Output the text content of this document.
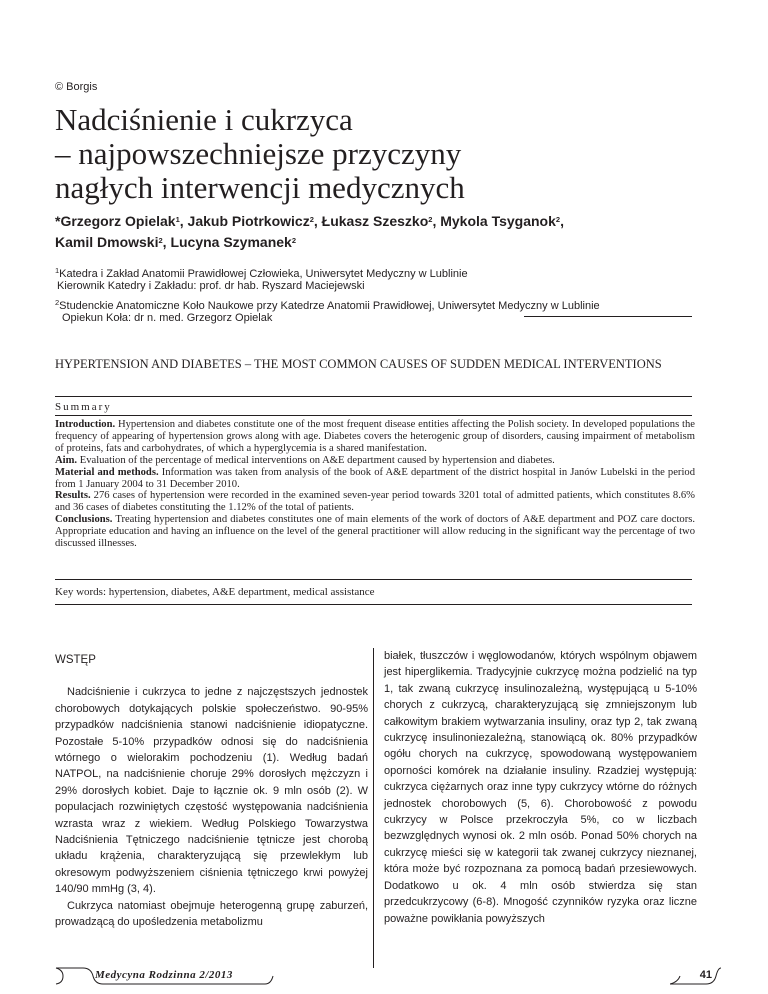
© Borgis
Nadciśnienie i cukrzyca
– najpowszechniejsze przyczyny
nagłych interwencji medycznych
*Grzegorz Opielak$^1$, Jakub Piotrkowicz$^2$, Łukasz Szeszko$^2$, Mykola Tsyganok$^2$,
Kamil Dmowski$^2$, Lucyna Szymanek$^2$
$^1$Katedra i Zakład Anatomii Prawidłowej Człowieka, Uniwersytet Medyczny w Lublinie
Kierownik Katedry i Zakładu: prof. dr hab. Ryszard Maciejewski
$^2$Studenckie Anatomiczne Koło Naukowe przy Katedrze Anatomii Prawidłowej, Uniwersytet Medyczny w Lublinie
Opiekun Koła: dr n. med. Grzegorz Opielak
HYPERTENSION AND DIABETES – THE MOST COMMON CAUSES OF SUDDEN MEDICAL INTERVENTIONS
Summary

Introduction. Hypertension and diabetes constitute one of the most frequent disease entities affecting the Polish society. In developed populations the frequency of appearing of hypertension grows along with age. Diabetes covers the heterogenic group of disorders, causing impairment of metabolism of proteins, fats and carbohydrates, of which a hyperglycemia is a shared manifestation.

Aim. Evaluation of the percentage of medical interventions on A&E department caused by hypertension and diabetes.

Material and methods. Information was taken from analysis of the book of A&E department of the district hospital in Janów Lubelski in the period from 1 January 2004 to 31 December 2010.

Results. 276 cases of hypertension were recorded in the examined seven-year period towards 3201 total of admitted patients, which constitutes 8.6% and 36 cases of diabetes constituting the 1.12% of the total of patients.

Conclusions. Treating hypertension and diabetes constitutes one of main elements of the work of doctors of A&E department and POZ care doctors. Appropriate education and having an influence on the level of the general practitioner will allow reducing in the significant way the percentage of two discussed illnesses.

Key words: hypertension, diabetes, A&E department, medical assistance

WSTĘP

Nadciśnienie i cukrzyca to jedne z najczęstszych jednostek chorobowych dotykających polskie społeczeństwo. 90-95% przypadków nadciśnienia stanowi nadciśnienie idiopatyczne. Pozostałe 5-10% przypadków odnosi się do nadciśnienia wtórnego o wielorakim pochodzeniu (1). Według badań NATPOL, na nadciśnienie choruje 29% dorosłych mężczyzn i 29% dorosłych kobiet. Daje to łącznie ok. 9 mln osób (2). W populacjach rozwiniętych częstość występowania nadciśnienia wzrasta wraz z wiekiem. Według Polskiego Towarzystwa Nadciśnienia Tętniczego nadciśnienie tętnicze jest chorobą układu krążenia, charakteryzującą się przewlekłym lub okresowym podwyższeniem ciśnienia tętniczego krwi powyżej 140/90 mmHg (3, 4).

Cukrzyca natomiast obejmuje heterogenną grupę zaburzeń, prowadzącą do upośledzenia metabolizmu

białek, tłuszczów i węglowodanów, których wspólnym objawem jest hiperglikemia. Tradycyjnie cukrzycę można podzielić na typ 1, tak zwaną cukrzycę insulinozależną, występującą u 5-10% chorych z cukrzycą, charakteryzującą się zmniejszonym lub całkowitym brakiem wytwarzania insuliny, oraz typ 2, tak zwaną cukrzycę insulinoniezależną, stanowiącą ok. 80% przypadków ogółu chorych na cukrzycę, spowodowaną występowaniem oporności komórek na działanie insuliny. Rzadziej występują: cukrzyca ciężarnych oraz inne typy cukrzycy wtórne do różnych jednostek chorobowych (5, 6). Chorobowość z powodu cukrzycy w Polsce przekroczyła 5%, co w liczbach bezwzględnych wynosi ok. 2 mln osób. Ponad 50% chorych na cukrzycę mieści się w kategorii tak zwanej cukrzycy nieznanej, która może być rozpoznana za pomocą badań przesiewowych. Dodatkowo u ok. 4 mln osób stwierdza się stan przedcukrzycowy (6-8). Mnogość czynników ryzyka oraz liczne poważne powikłania powyższych

Medycyna Rodzinna 2/2013	41
